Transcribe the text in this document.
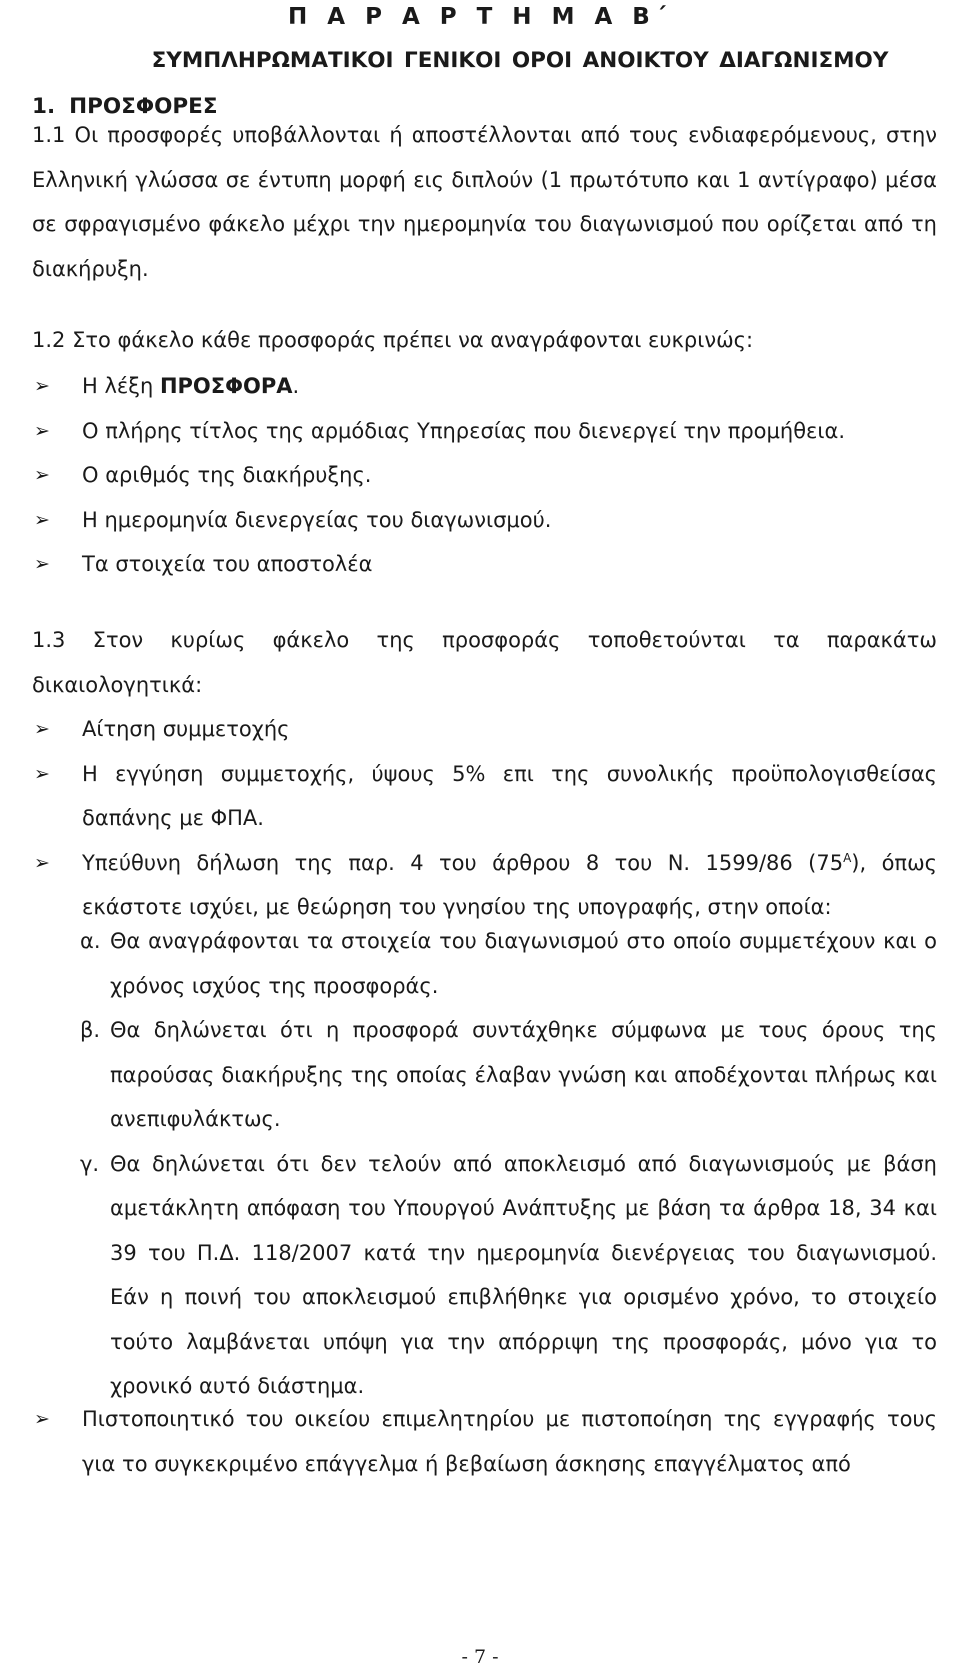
Π Α Ρ Α Ρ Τ Η Μ Α Β΄
ΣΥΜΠΛΗΡΩΜΑΤΙΚΟΙ ΓΕΝΙΚΟΙ ΟΡΟΙ ΑΝΟΙΚΤΟΥ ΔΙΑΓΩΝΙΣΜΟΥ
1. ΠΡΟΣΦΟΡΕΣ

1.1 Οι προσφορές υποβάλλονται ή αποστέλλονται από τους ενδιαφερόμενους, στην Ελληνική γλώσσα σε έντυπη μορφή εις διπλούν (1 πρωτότυπο και 1 αντίγραφο) μέσα σε σφραγισμένο φάκελο μέχρι την ημερομηνία του διαγωνισμού που ορίζεται από τη διακήρυξη.

1.2 Στο φάκελο κάθε προσφοράς πρέπει να αναγράφονται ευκρινώς:

➢ Η λέξη ΠΡΟΣΦΟΡΑ.
➢ Ο πλήρης τίτλος της αρμόδιας Υπηρεσίας που διενεργεί την προμήθεια.
➢ Ο αριθμός της διακήρυξης.
➢ Η ημερομηνία διενεργείας του διαγωνισμού.
➢ Τα στοιχεία του αποστολέα

1.3 Στον κυρίως φάκελο της προσφοράς τοποθετούνται τα παρακάτω δικαιολογητικά:

➢ Αίτηση συμμετοχής
➢ Η εγγύηση συμμετοχής, ύψους 5% επι της συνολικής προϋπολογισθείσας δαπάνης με ΦΠΑ.
➢ Υπεύθυνη δήλωση της παρ. 4 του άρθρου 8 του Ν. 1599/86 $(75^A)$, όπως εκάστοτε ισχύει, με θεώρηση του γνησίου της υπογραφής, στην οποία:
α. Θα αναγράφονται τα στοιχεία του διαγωνισμού στο οποίο συμμετέχουν και ο χρόνος ισχύος της προσφοράς.
β. Θα δηλώνεται ότι η προσφορά συντάχθηκε σύμφωνα με τους όρους της παρούσας διακήρυξης της οποίας έλαβαν γνώση και αποδέχονται πλήρως και ανεπιφυλάκτως.
γ. Θα δηλώνεται ότι δεν τελούν από αποκλεισμό από διαγωνισμούς με βάση αμετάκλητη απόφαση του Υπουργού Ανάπτυξης με βάση τα άρθρα 18, 34 και 39 του Π.Δ. 118/2007 κατά την ημερομηνία διενέργειας του διαγωνισμού. Εάν η ποινή του αποκλεισμού επιβλήθηκε για ορισμένο χρόνο, το στοιχείο τούτο λαμβάνεται υπόψη για την απόρριψη της προσφοράς, μόνο για το χρονικό αυτό διάστημα.
➢ Πιστοποιητικό του οικείου επιμελητηρίου με πιστοποίηση της εγγραφής τους για το συγκεκριμένο επάγγελμα ή βεβαίωση άσκησης επαγγέλματος από
- 7 -
